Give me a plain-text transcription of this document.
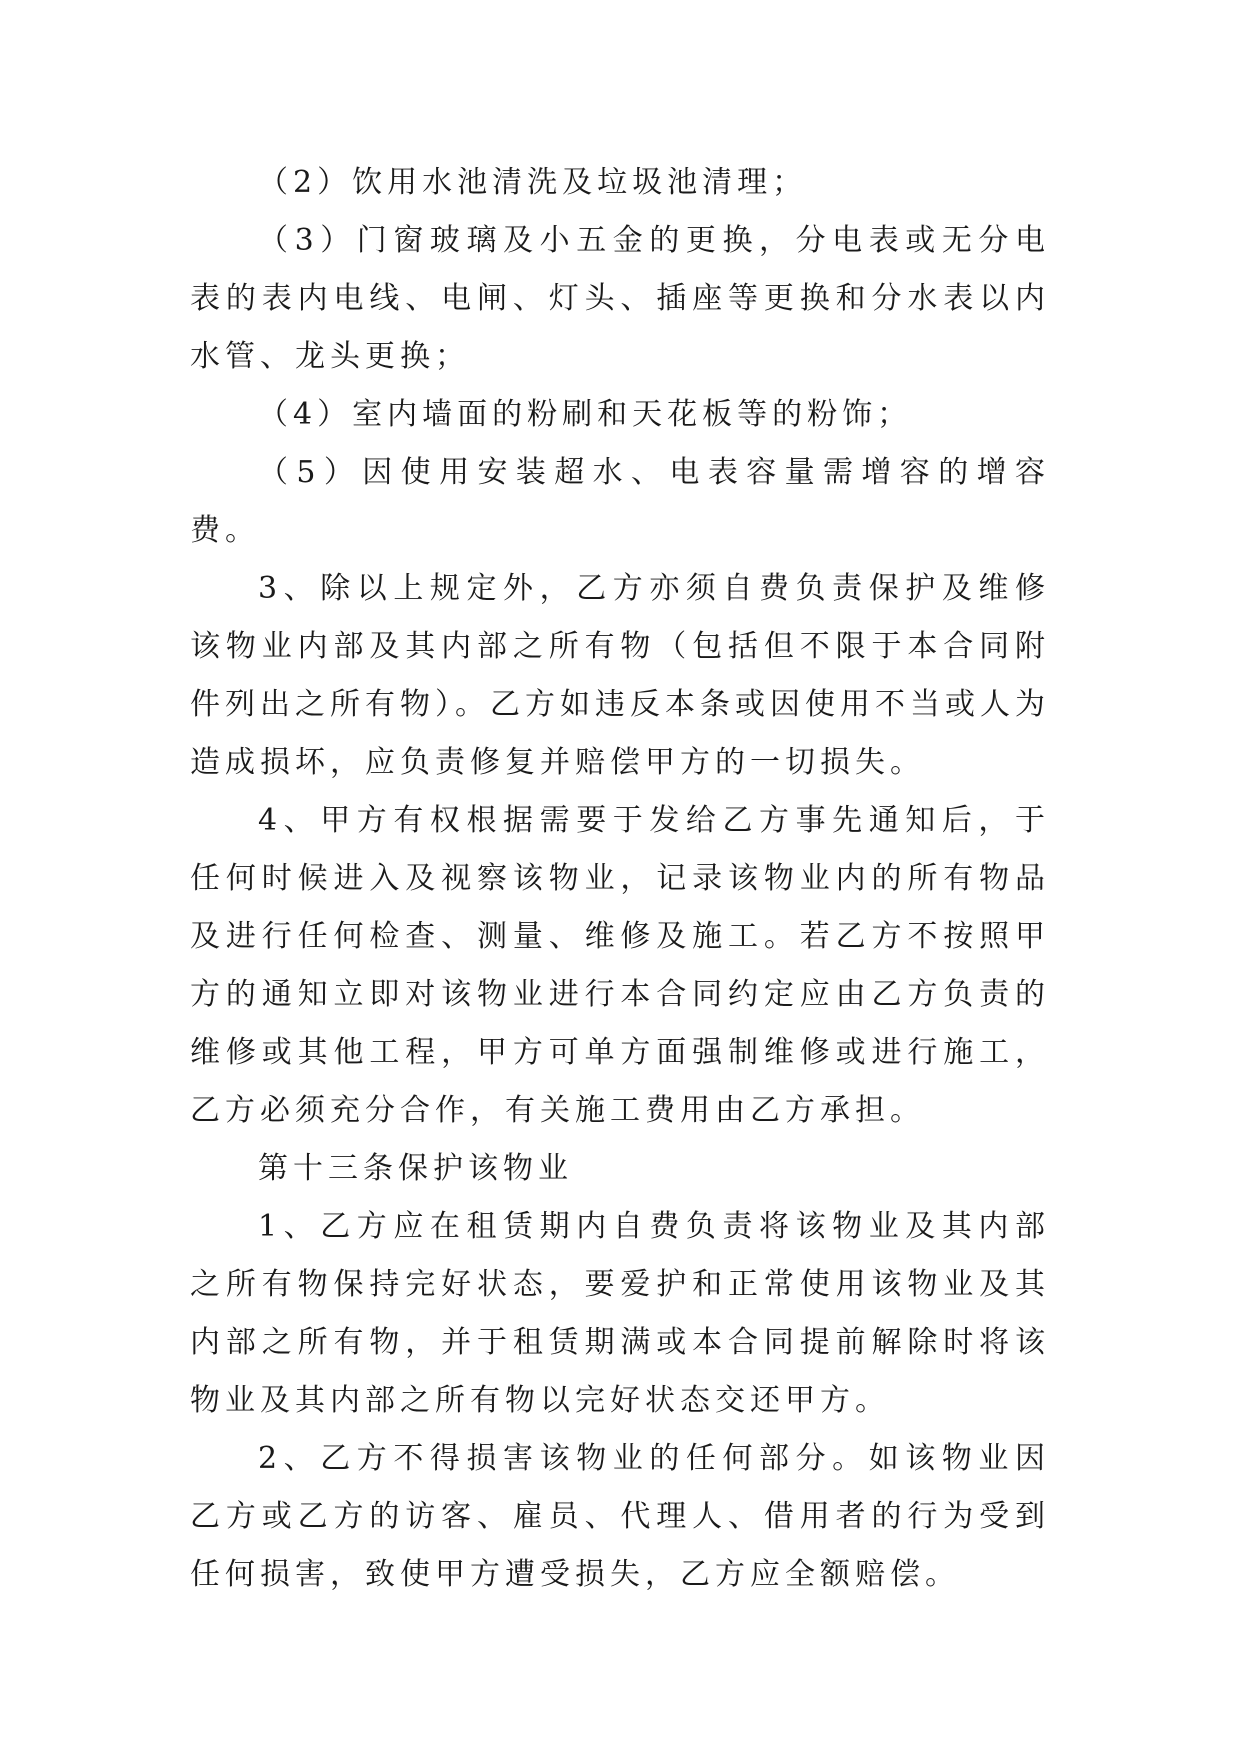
（2）饮用水池清洗及垃圾池清理；

（3）门窗玻璃及小五金的更换，分电表或无分电表的表内电线、电闸、灯头、插座等更换和分水表以内水管、龙头更换；

（4）室内墙面的粉刷和天花板等的粉饰；

（5）因使用安装超水、电表容量需增容的增容费。

3、除以上规定外，乙方亦须自费负责保护及维修该物业内部及其内部之所有物（包括但不限于本合同附件列出之所有物）。乙方如违反本条或因使用不当或人为造成损坏，应负责修复并赔偿甲方的一切损失。

4、甲方有权根据需要于发给乙方事先通知后，于任何时候进入及视察该物业，记录该物业内的所有物品及进行任何检查、测量、维修及施工。若乙方不按照甲方的通知立即对该物业进行本合同约定应由乙方负责的维修或其他工程，甲方可单方面强制维修或进行施工，乙方必须充分合作，有关施工费用由乙方承担。

第十三条保护该物业

1、乙方应在租赁期内自费负责将该物业及其内部之所有物保持完好状态，要爱护和正常使用该物业及其内部之所有物，并于租赁期满或本合同提前解除时将该物业及其内部之所有物以完好状态交还甲方。

2、乙方不得损害该物业的任何部分。如该物业因乙方或乙方的访客、雇员、代理人、借用者的行为受到任何损害，致使甲方遭受损失，乙方应全额赔偿。
